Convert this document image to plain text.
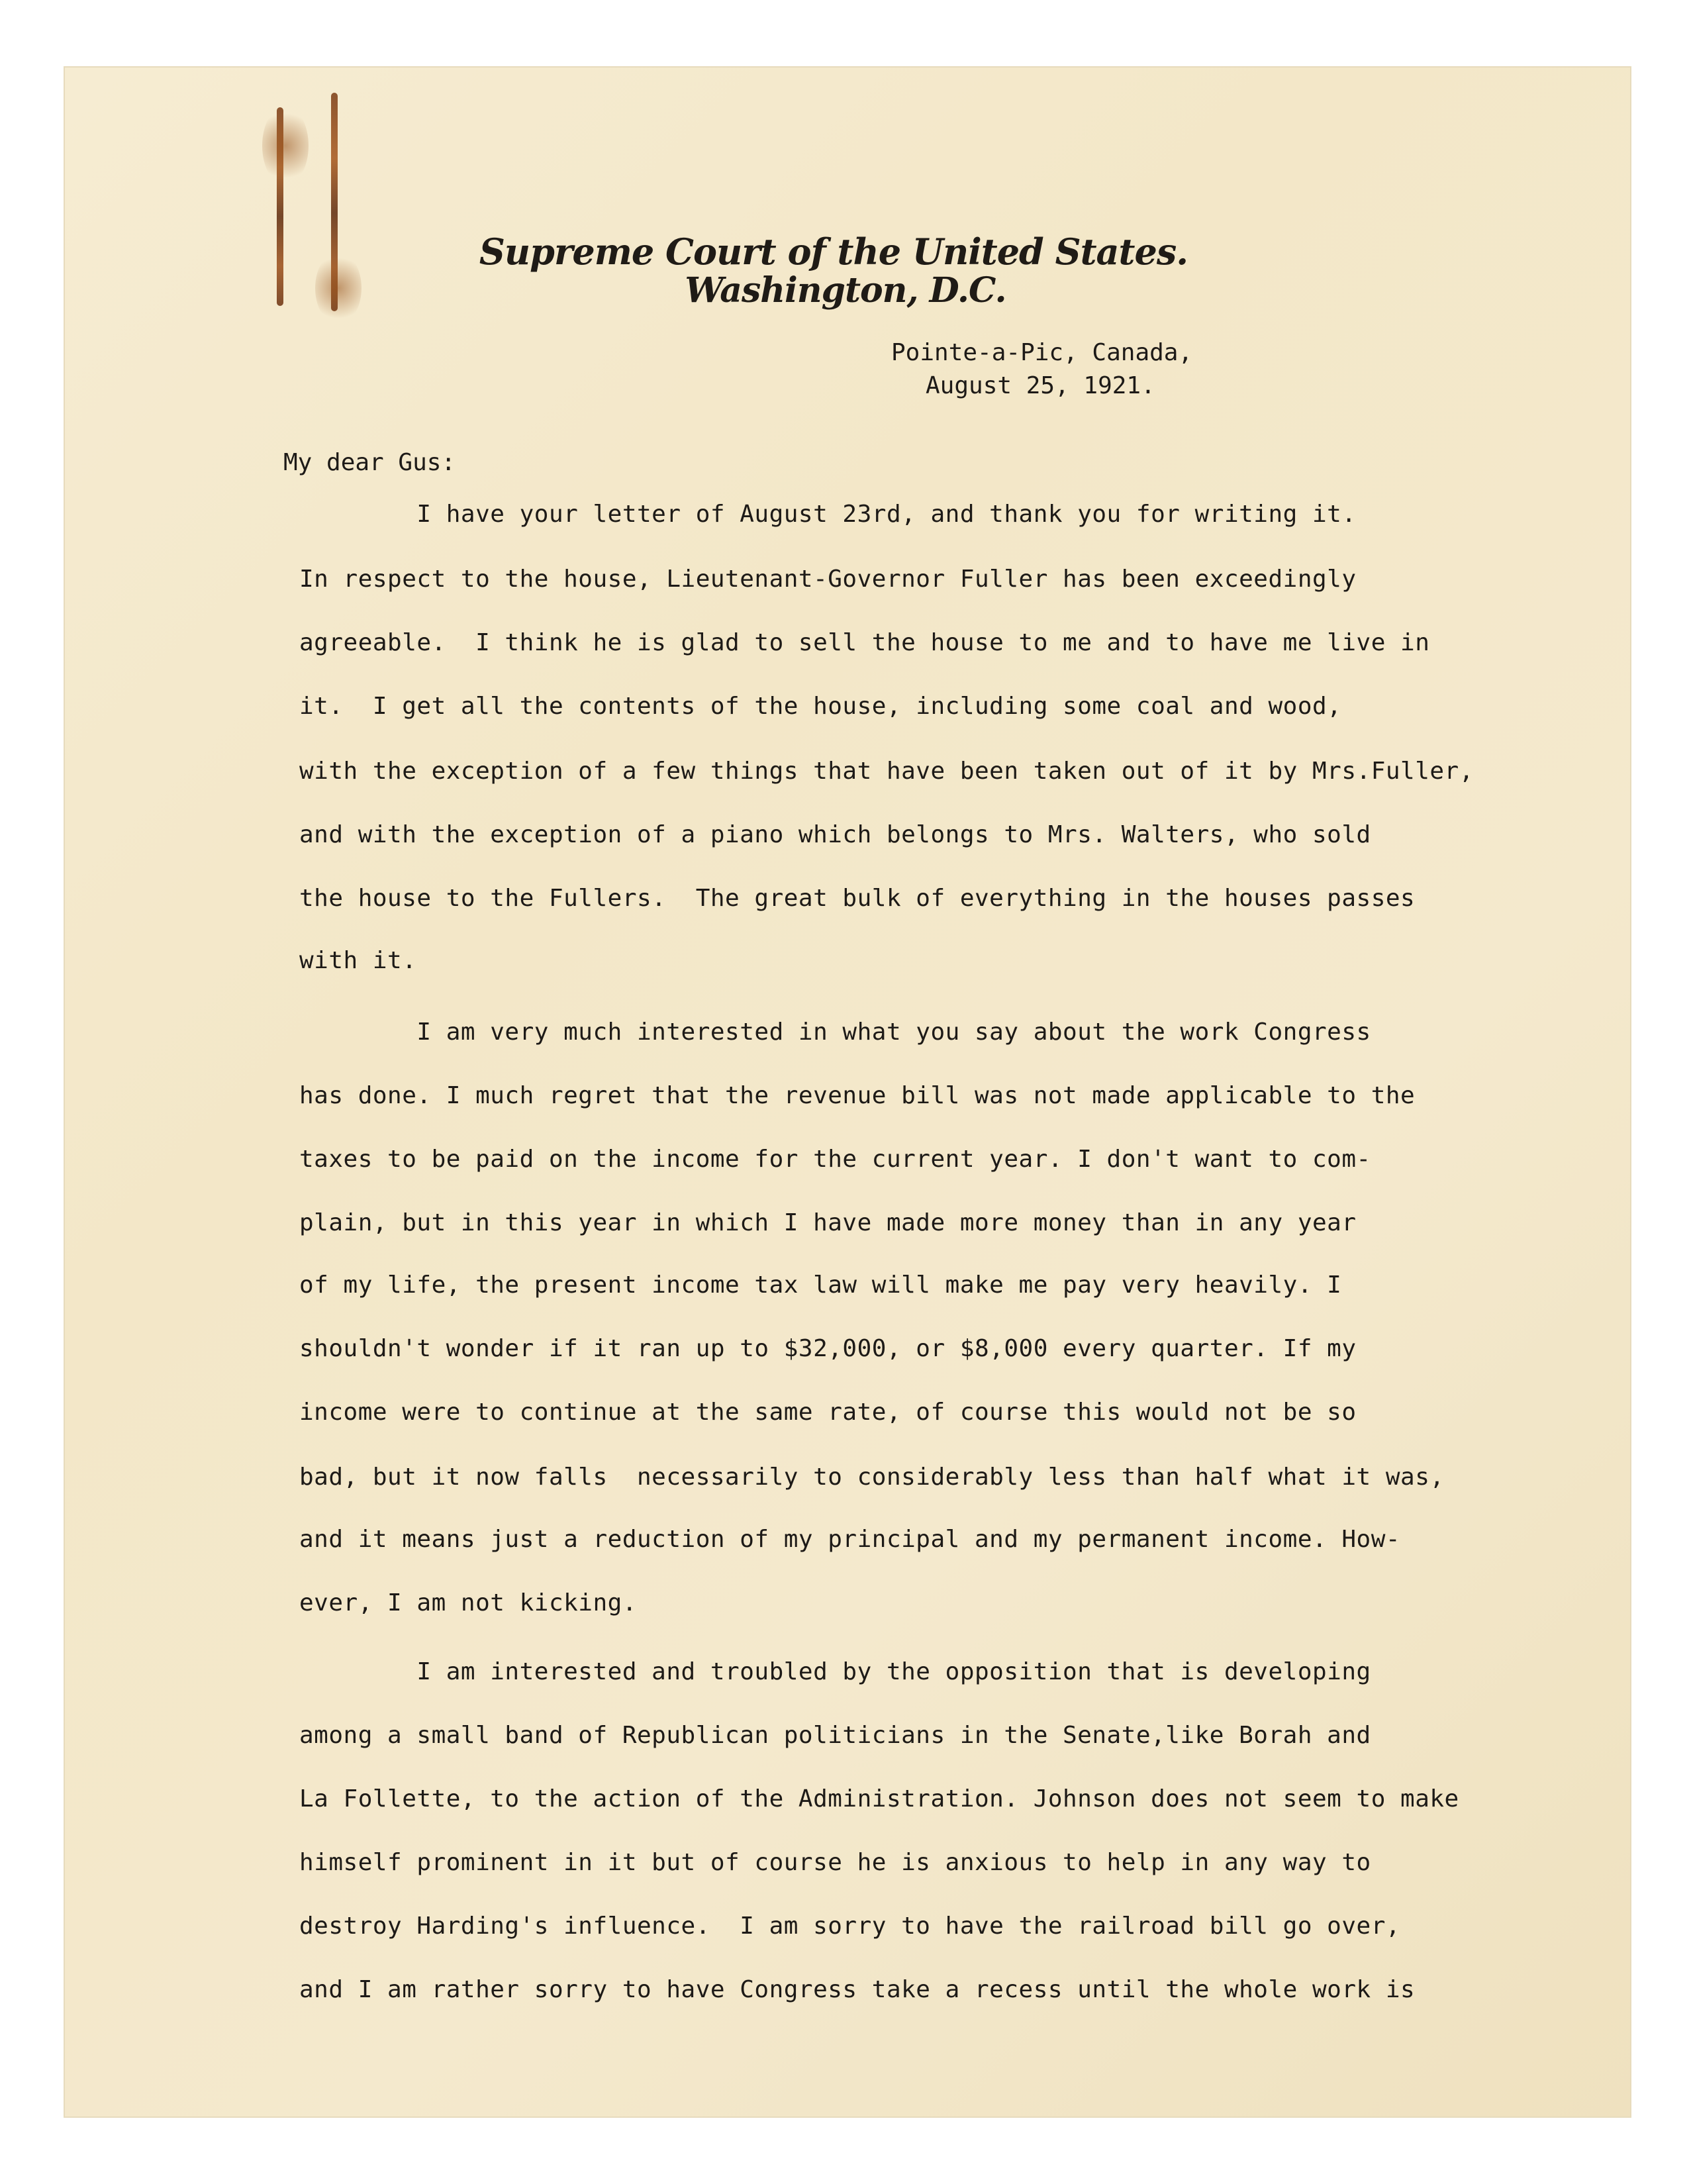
Supreme Court of the United States.
Washington, D.C.
Pointe-a-Pic, Canada,
August 25, 1921.
My dear Gus:
I have your letter of August 23rd, and thank you for writing it.
In respect to the house, Lieutenant-Governor Fuller has been exceedingly
agreeable.  I think he is glad to sell the house to me and to have me live in
it.  I get all the contents of the house, including some coal and wood,
with the exception of a few things that have been taken out of it by Mrs.Fuller,
and with the exception of a piano which belongs to Mrs. Walters, who sold
the house to the Fullers.  The great bulk of everything in the houses passes
with it.
I am very much interested in what you say about the work Congress
has done. I much regret that the revenue bill was not made applicable to the
taxes to be paid on the income for the current year. I don't want to com-
plain, but in this year in which I have made more money than in any year
of my life, the present income tax law will make me pay very heavily. I
shouldn't wonder if it ran up to $32,000, or $8,000 every quarter. If my
income were to continue at the same rate, of course this would not be so
bad, but it now falls  necessarily to considerably less than half what it was,
and it means just a reduction of my principal and my permanent income. How-
ever, I am not kicking.
I am interested and troubled by the opposition that is developing
among a small band of Republican politicians in the Senate,like Borah and
La Follette, to the action of the Administration. Johnson does not seem to make
himself prominent in it but of course he is anxious to help in any way to
destroy Harding's influence.  I am sorry to have the railroad bill go over,
and I am rather sorry to have Congress take a recess until the whole work is
